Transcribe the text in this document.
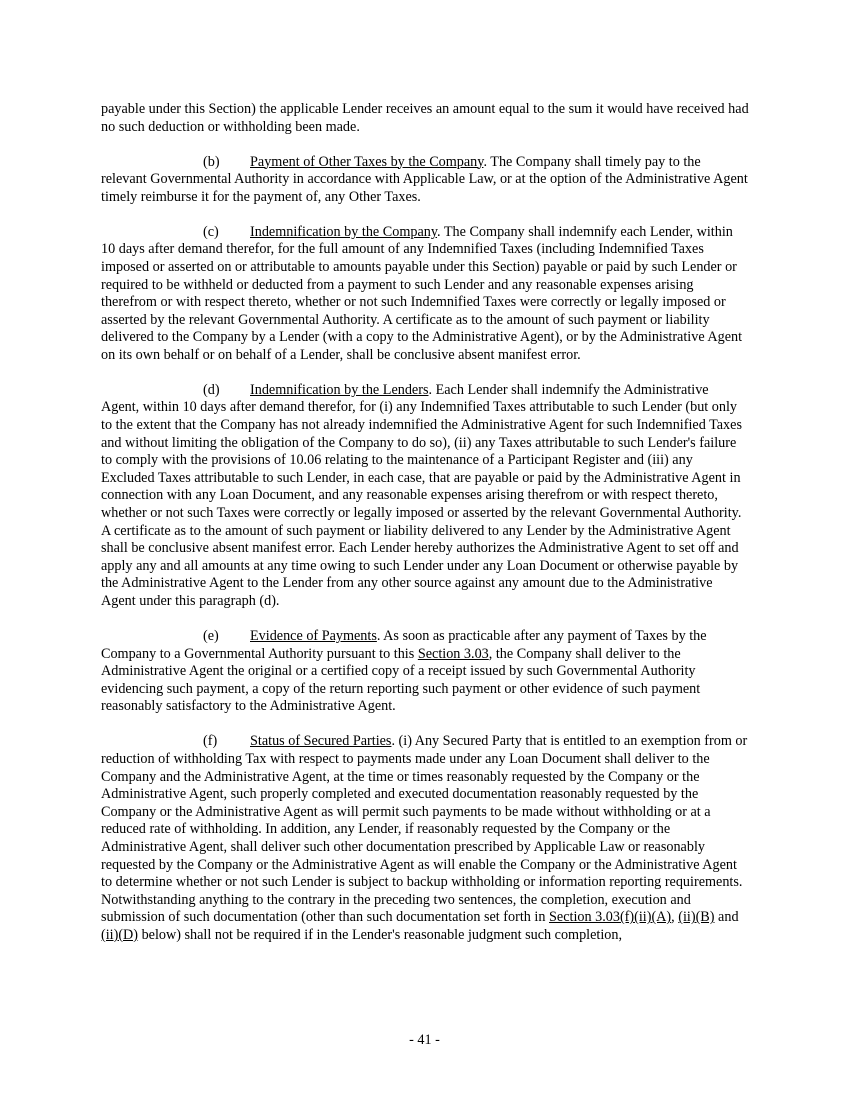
payable under this Section) the applicable Lender receives an amount equal to the sum it would have received had no such deduction or withholding been made.

(b) Payment of Other Taxes by the Company. The Company shall timely pay to the relevant Governmental Authority in accordance with Applicable Law, or at the option of the Administrative Agent timely reimburse it for the payment of, any Other Taxes.

(c) Indemnification by the Company. The Company shall indemnify each Lender, within 10 days after demand therefor, for the full amount of any Indemnified Taxes (including Indemnified Taxes imposed or asserted on or attributable to amounts payable under this Section) payable or paid by such Lender or required to be withheld or deducted from a payment to such Lender and any reasonable expenses arising therefrom or with respect thereto, whether or not such Indemnified Taxes were correctly or legally imposed or asserted by the relevant Governmental Authority. A certificate as to the amount of such payment or liability delivered to the Company by a Lender (with a copy to the Administrative Agent), or by the Administrative Agent on its own behalf or on behalf of a Lender, shall be conclusive absent manifest error.

(d) Indemnification by the Lenders. Each Lender shall indemnify the Administrative Agent, within 10 days after demand therefor, for (i) any Indemnified Taxes attributable to such Lender (but only to the extent that the Company has not already indemnified the Administrative Agent for such Indemnified Taxes and without limiting the obligation of the Company to do so), (ii) any Taxes attributable to such Lender's failure to comply with the provisions of 10.06 relating to the maintenance of a Participant Register and (iii) any Excluded Taxes attributable to such Lender, in each case, that are payable or paid by the Administrative Agent in connection with any Loan Document, and any reasonable expenses arising therefrom or with respect thereto, whether or not such Taxes were correctly or legally imposed or asserted by the relevant Governmental Authority. A certificate as to the amount of such payment or liability delivered to any Lender by the Administrative Agent shall be conclusive absent manifest error. Each Lender hereby authorizes the Administrative Agent to set off and apply any and all amounts at any time owing to such Lender under any Loan Document or otherwise payable by the Administrative Agent to the Lender from any other source against any amount due to the Administrative Agent under this paragraph (d).

(e) Evidence of Payments. As soon as practicable after any payment of Taxes by the Company to a Governmental Authority pursuant to this Section 3.03, the Company shall deliver to the Administrative Agent the original or a certified copy of a receipt issued by such Governmental Authority evidencing such payment, a copy of the return reporting such payment or other evidence of such payment reasonably satisfactory to the Administrative Agent.

(f) Status of Secured Parties. (i) Any Secured Party that is entitled to an exemption from or reduction of withholding Tax with respect to payments made under any Loan Document shall deliver to the Company and the Administrative Agent, at the time or times reasonably requested by the Company or the Administrative Agent, such properly completed and executed documentation reasonably requested by the Company or the Administrative Agent as will permit such payments to be made without withholding or at a reduced rate of withholding. In addition, any Lender, if reasonably requested by the Company or the Administrative Agent, shall deliver such other documentation prescribed by Applicable Law or reasonably requested by the Company or the Administrative Agent as will enable the Company or the Administrative Agent to determine whether or not such Lender is subject to backup withholding or information reporting requirements. Notwithstanding anything to the contrary in the preceding two sentences, the completion, execution and submission of such documentation (other than such documentation set forth in Section 3.03(f)(ii)(A), (ii)(B) and (ii)(D) below) shall not be required if in the Lender's reasonable judgment such completion,

- 41 -
